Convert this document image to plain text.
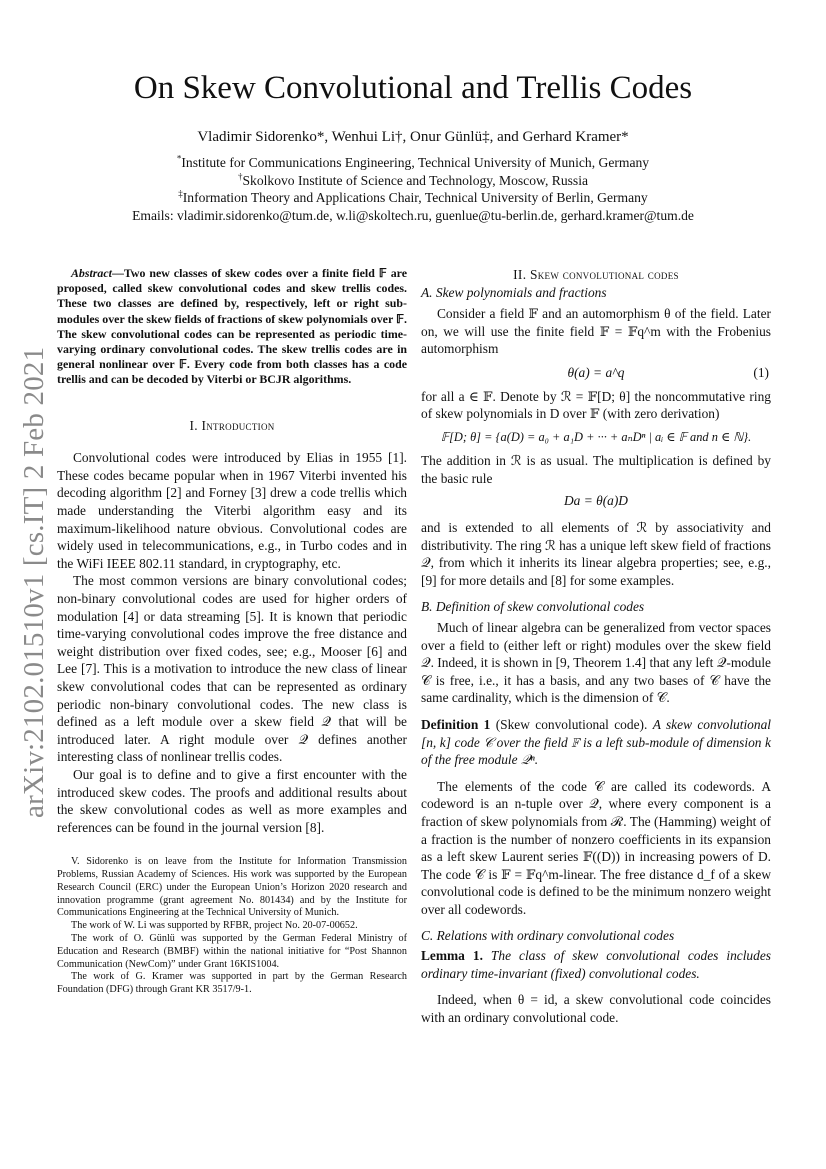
arXiv:2102.01510v1 [cs.IT] 2 Feb 2021
On Skew Convolutional and Trellis Codes
Vladimir Sidorenko*, Wenhui Li†, Onur Günlü‡, and Gerhard Kramer*
*Institute for Communications Engineering, Technical University of Munich, Germany
†Skolkovo Institute of Science and Technology, Moscow, Russia
‡Information Theory and Applications Chair, Technical University of Berlin, Germany
Emails: vladimir.sidorenko@tum.de, w.li@skoltech.ru, guenlue@tu-berlin.de, gerhard.kramer@tum.de

Abstract—Two new classes of skew codes over a finite field 𝔽 are proposed, called skew convolutional codes and skew trellis codes. These two classes are defined by, respectively, left or right sub-modules over the skew fields of fractions of skew polynomials over 𝔽. The skew convolutional codes can be represented as periodic time-varying ordinary convolutional codes. The skew trellis codes are in general nonlinear over 𝔽. Every code from both classes has a code trellis and can be decoded by Viterbi or BCJR algorithms.

I. Introduction

Convolutional codes were introduced by Elias in 1955 [1]. These codes became popular when in 1967 Viterbi invented his decoding algorithm [2] and Forney [3] drew a code trellis which made understanding the Viterbi algorithm easy and its maximum-likelihood nature obvious. Convolutional codes are widely used in telecommunications, e.g., in Turbo codes and in the WiFi IEEE 802.11 standard, in cryptography, etc.

The most common versions are binary convolutional codes; non-binary convolutional codes are used for higher orders of modulation [4] or data streaming [5]. It is known that periodic time-varying convolutional codes improve the free distance and weight distribution over fixed codes, see; e.g., Mooser [6] and Lee [7]. This is a motivation to introduce the new class of linear skew convolutional codes that can be represented as ordinary periodic non-binary convolutional codes. The new class is defined as a left module over a skew field 𝒬 that will be introduced later. A right module over 𝒬 defines another interesting class of nonlinear trellis codes.

Our goal is to define and to give a first encounter with the introduced skew codes. The proofs and additional results about the skew convolutional codes as well as more examples and references can be found in the journal version [8].

V. Sidorenko is on leave from the Institute for Information Transmission Problems, Russian Academy of Sciences. His work was supported by the European Research Council (ERC) under the European Union’s Horizon 2020 research and innovation programme (grant agreement No. 801434) and by the Institute for Communications Engineering at the Technical University of Munich.

The work of W. Li was supported by RFBR, project No. 20-07-00652.

The work of O. Günlü was supported by the German Federal Ministry of Education and Research (BMBF) within the national initiative for “Post Shannon Communication (NewCom)” under Grant 16KIS1004.

The work of G. Kramer was supported in part by the German Research Foundation (DFG) through Grant KR 3517/9-1.

II. Skew convolutional codes
A. Skew polynomials and fractions

Consider a field 𝔽 and an automorphism θ of the field. Later on, we will use the finite field 𝔽 = 𝔽q^m with the Frobenius automorphism

θ(a) = a^q	(1)

for all a ∈ 𝔽. Denote by ℛ = 𝔽[D; θ] the noncommutative ring of skew polynomials in D over 𝔽 (with zero derivation)

𝔽[D; θ] = {a(D) = a₀ + a₁D + ··· + aₙDⁿ | aᵢ ∈ 𝔽 and n ∈ ℕ}.

The addition in ℛ is as usual. The multiplication is defined by the basic rule

Da = θ(a)D

and is extended to all elements of ℛ by associativity and distributivity. The ring ℛ has a unique left skew field of fractions 𝒬, from which it inherits its linear algebra properties; see, e.g., [9] for more details and [8] for some examples.

B. Definition of skew convolutional codes

Much of linear algebra can be generalized from vector spaces over a field to (either left or right) modules over the skew field 𝒬. Indeed, it is shown in [9, Theorem 1.4] that any left 𝒬-module 𝒞 is free, i.e., it has a basis, and any two bases of 𝒞 have the same cardinality, which is the dimension of 𝒞.

Definition 1 (Skew convolutional code). A skew convolutional [n, k] code 𝒞 over the field 𝔽 is a left sub-module of dimension k of the free module 𝒬ⁿ.

The elements of the code 𝒞 are called its codewords. A codeword is an n-tuple over 𝒬, where every component is a fraction of skew polynomials from ℛ. The (Hamming) weight of a fraction is the number of nonzero coefficients in its expansion as a left skew Laurent series 𝔽((D)) in increasing powers of D. The code 𝒞 is 𝔽 = 𝔽q^m-linear. The free distance d_f of a skew convolutional code is defined to be the minimum nonzero weight over all codewords.

C. Relations with ordinary convolutional codes

Lemma 1. The class of skew convolutional codes includes ordinary time-invariant (fixed) convolutional codes.

Indeed, when θ = id, a skew convolutional code coincides with an ordinary convolutional code.
